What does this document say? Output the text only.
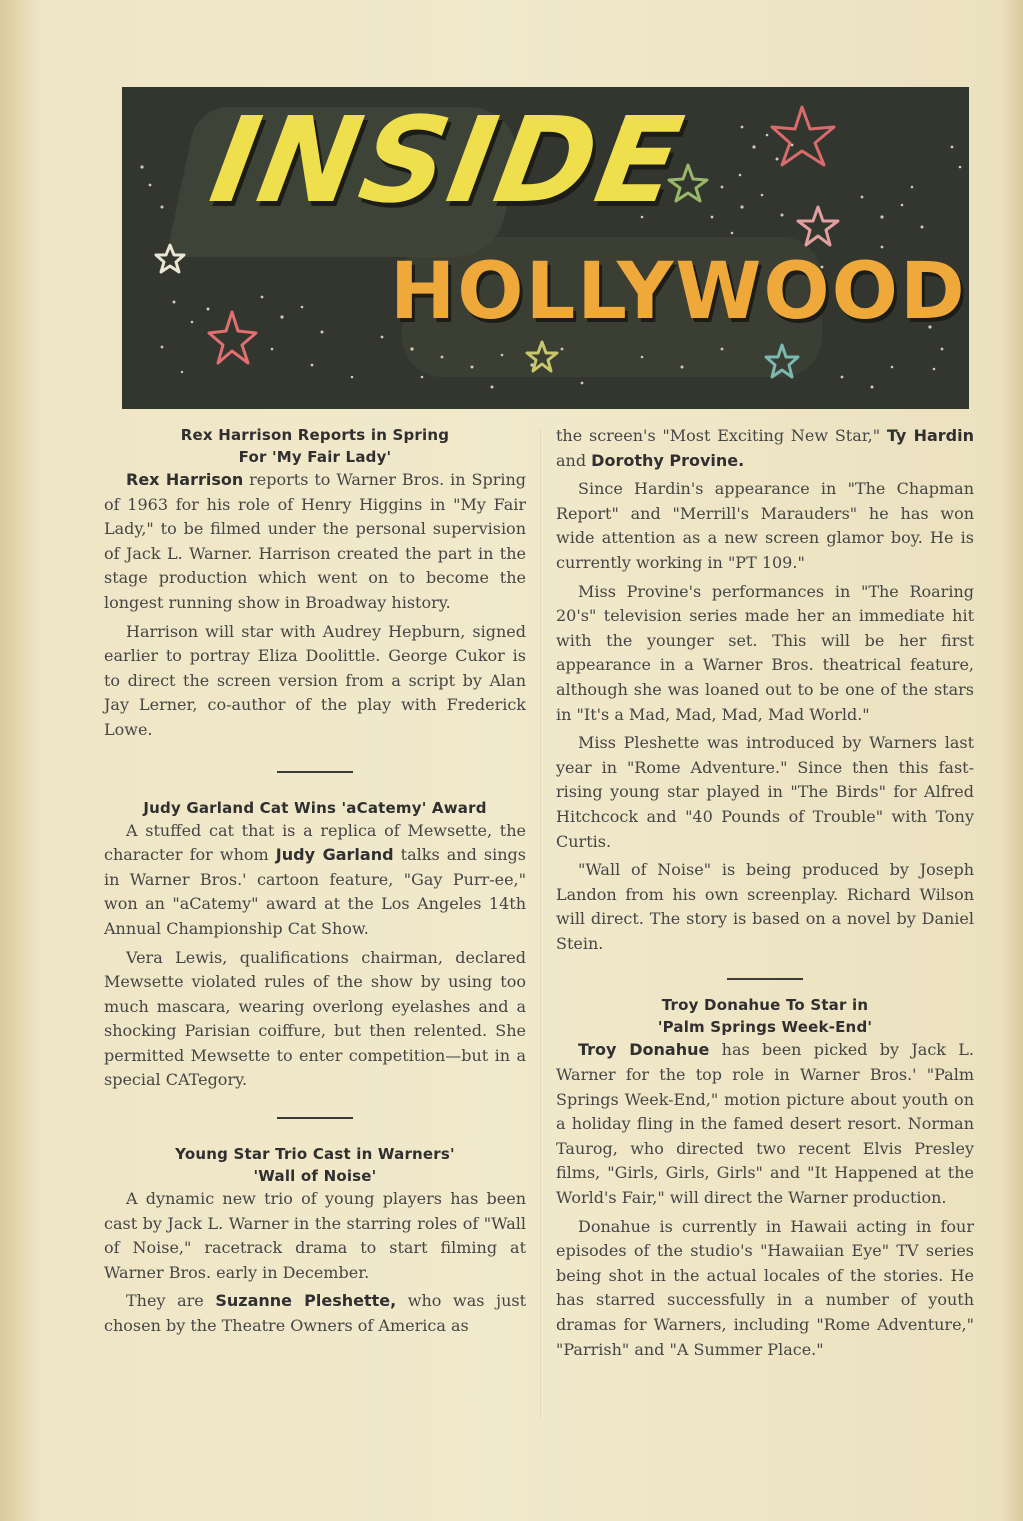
INSIDE
HOLLYWOOD
Rex Harrison Reports in Spring
For 'My Fair Lady'

Rex Harrison reports to Warner Bros. in Spring of 1963 for his role of Henry Higgins in "My Fair Lady," to be filmed under the personal supervision of Jack L. Warner. Harrison created the part in the stage production which went on to become the longest running show in Broadway history.

Harrison will star with Audrey Hepburn, signed earlier to portray Eliza Doolittle. George Cukor is to direct the screen version from a script by Alan Jay Lerner, co-author of the play with Frederick Lowe.

Judy Garland Cat Wins 'aCatemy' Award

A stuffed cat that is a replica of Mewsette, the character for whom Judy Garland talks and sings in Warner Bros.' cartoon feature, "Gay Purr-ee," won an "aCatemy" award at the Los Angeles 14th Annual Championship Cat Show.

Vera Lewis, qualifications chairman, declared Mewsette violated rules of the show by using too much mascara, wearing overlong eyelashes and a shocking Parisian coiffure, but then relented. She permitted Mewsette to enter competition—but in a special CATegory.

Young Star Trio Cast in Warners'
'Wall of Noise'

A dynamic new trio of young players has been cast by Jack L. Warner in the starring roles of "Wall of Noise," racetrack drama to start filming at Warner Bros. early in December.

They are Suzanne Pleshette, who was just chosen by the Theatre Owners of America as

the screen's "Most Exciting New Star," Ty Hardin and Dorothy Provine.

Since Hardin's appearance in "The Chapman Report" and "Merrill's Marauders" he has won wide attention as a new screen glamor boy. He is currently working in "PT 109."

Miss Provine's performances in "The Roaring 20's" television series made her an immediate hit with the younger set. This will be her first appearance in a Warner Bros. theatrical feature, although she was loaned out to be one of the stars in "It's a Mad, Mad, Mad, Mad World."

Miss Pleshette was introduced by Warners last year in "Rome Adventure." Since then this fast-rising young star played in "The Birds" for Alfred Hitchcock and "40 Pounds of Trouble" with Tony Curtis.

"Wall of Noise" is being produced by Joseph Landon from his own screenplay. Richard Wilson will direct. The story is based on a novel by Daniel Stein.

Troy Donahue To Star in
'Palm Springs Week-End'

Troy Donahue has been picked by Jack L. Warner for the top role in Warner Bros.' "Palm Springs Week-End," motion picture about youth on a holiday fling in the famed desert resort. Norman Taurog, who directed two recent Elvis Presley films, "Girls, Girls, Girls" and "It Happened at the World's Fair," will direct the Warner production.

Donahue is currently in Hawaii acting in four episodes of the studio's "Hawaiian Eye" TV series being shot in the actual locales of the stories. He has starred successfully in a number of youth dramas for Warners, including "Rome Adventure," "Parrish" and "A Summer Place."
